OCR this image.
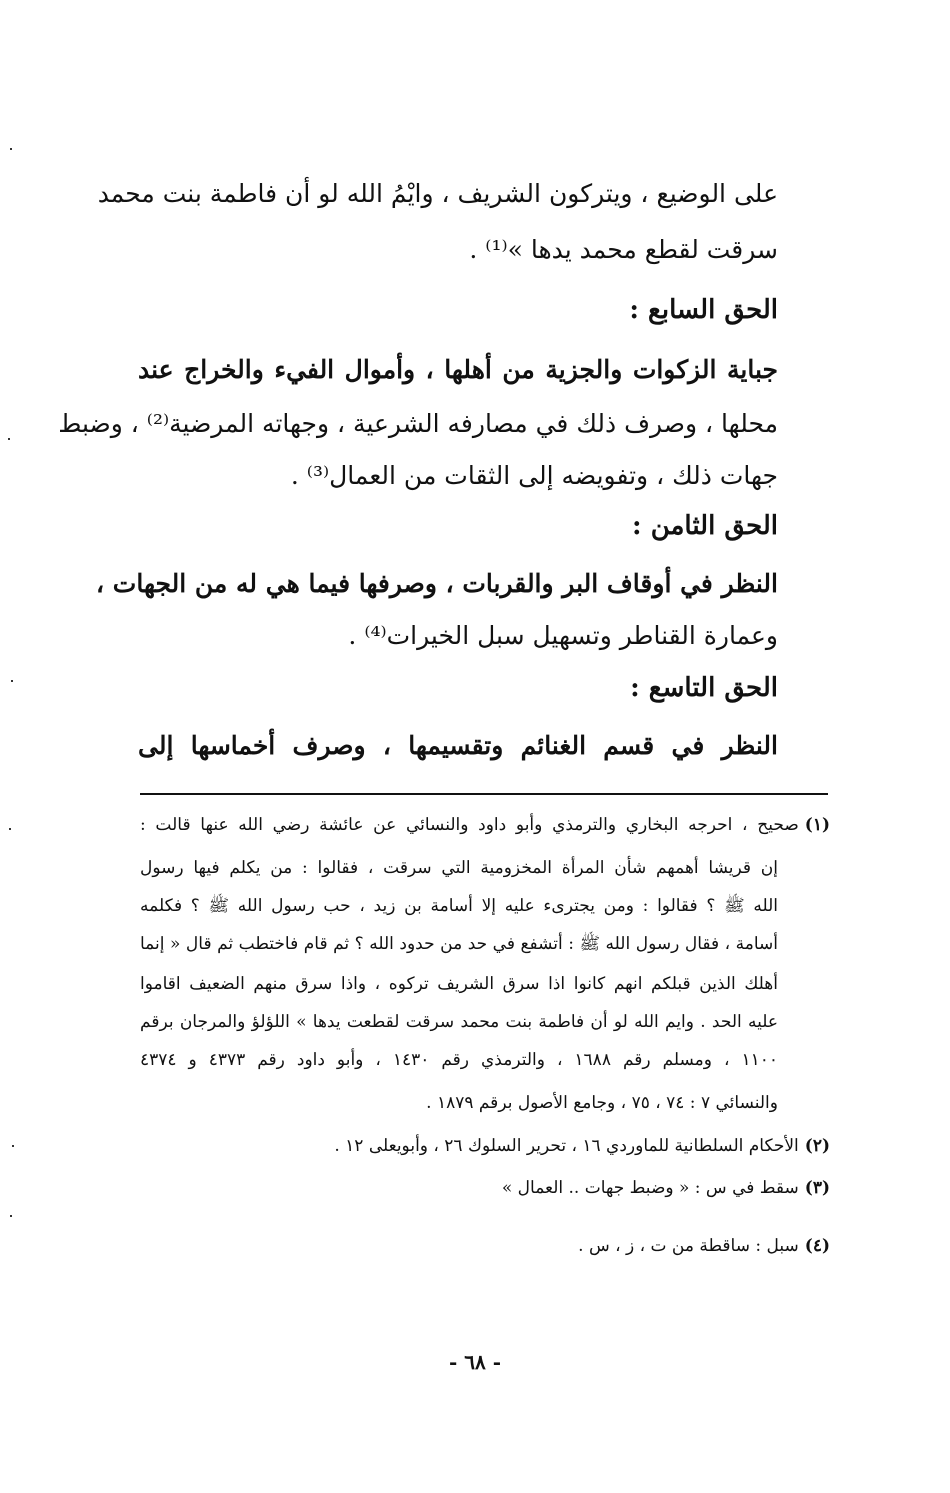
على الوضيع ، ويتركون الشريف ، وايْمُ الله لو أن فاطمة بنت محمد
سرقت لقطع محمد يدها »⁽¹⁾ .
الحق السابع :
جباية الزكوات والجزية من أهلها ، وأموال الفيء والخراج عند
محلها ، وصرف ذلك في مصارفه الشرعية ، وجهاته المرضية⁽²⁾ ، وضبط
جهات ذلك ، وتفويضه إلى الثقات من العمال⁽³⁾ .
الحق الثامن :
النظر في أوقاف البر والقربات ، وصرفها فيما هي له من الجهات ،
وعمارة القناطر وتسهيل سبل الخيرات⁽⁴⁾ .
الحق التاسع :
النظر في قسم الغنائم وتقسيمها ، وصرف أخماسها إلى
(١)صحيح ، احرجه البخاري والترمذي وأبو داود والنسائي عن عائشة رضي الله عنها قالت :
إن قريشا أهمهم شأن المرأة المخزومية التي سرقت ، فقالوا : من يكلم فيها رسول
الله ﷺ ؟ فقالوا : ومن يجترىء عليه إلا أسامة بن زيد ، حب رسول الله ﷺ ؟ فكلمه
أسامة ، فقال رسول الله ﷺ : أتشفع في حد من حدود الله ؟ ثم قام فاختطب ثم قال « إنما
أهلك الذين قبلكم انهم كانوا اذا سرق الشريف تركوه ، واذا سرق منهم الضعيف اقاموا
عليه الحد . وايم الله لو أن فاطمة بنت محمد سرقت لقطعت يدها » اللؤلؤ والمرجان برقم
١١٠٠ ، ومسلم رقم ١٦٨٨ ، والترمذي رقم ١٤٣٠ ، وأبو داود رقم ٤٣٧٣ و ٤٣٧٤
والنسائي ٧ : ٧٤ ، ٧٥ ، وجامع الأصول برقم ١٨٧٩ .
(٢)الأحكام السلطانية للماوردي ١٦ ، تحرير السلوك ٢٦ ، وأبويعلى ١٢ .
(٣)سقط في س : « وضبط جهات .. العمال »
(٤)سبل : ساقطة من ت ، ز ، س .
- ٦٨ -
